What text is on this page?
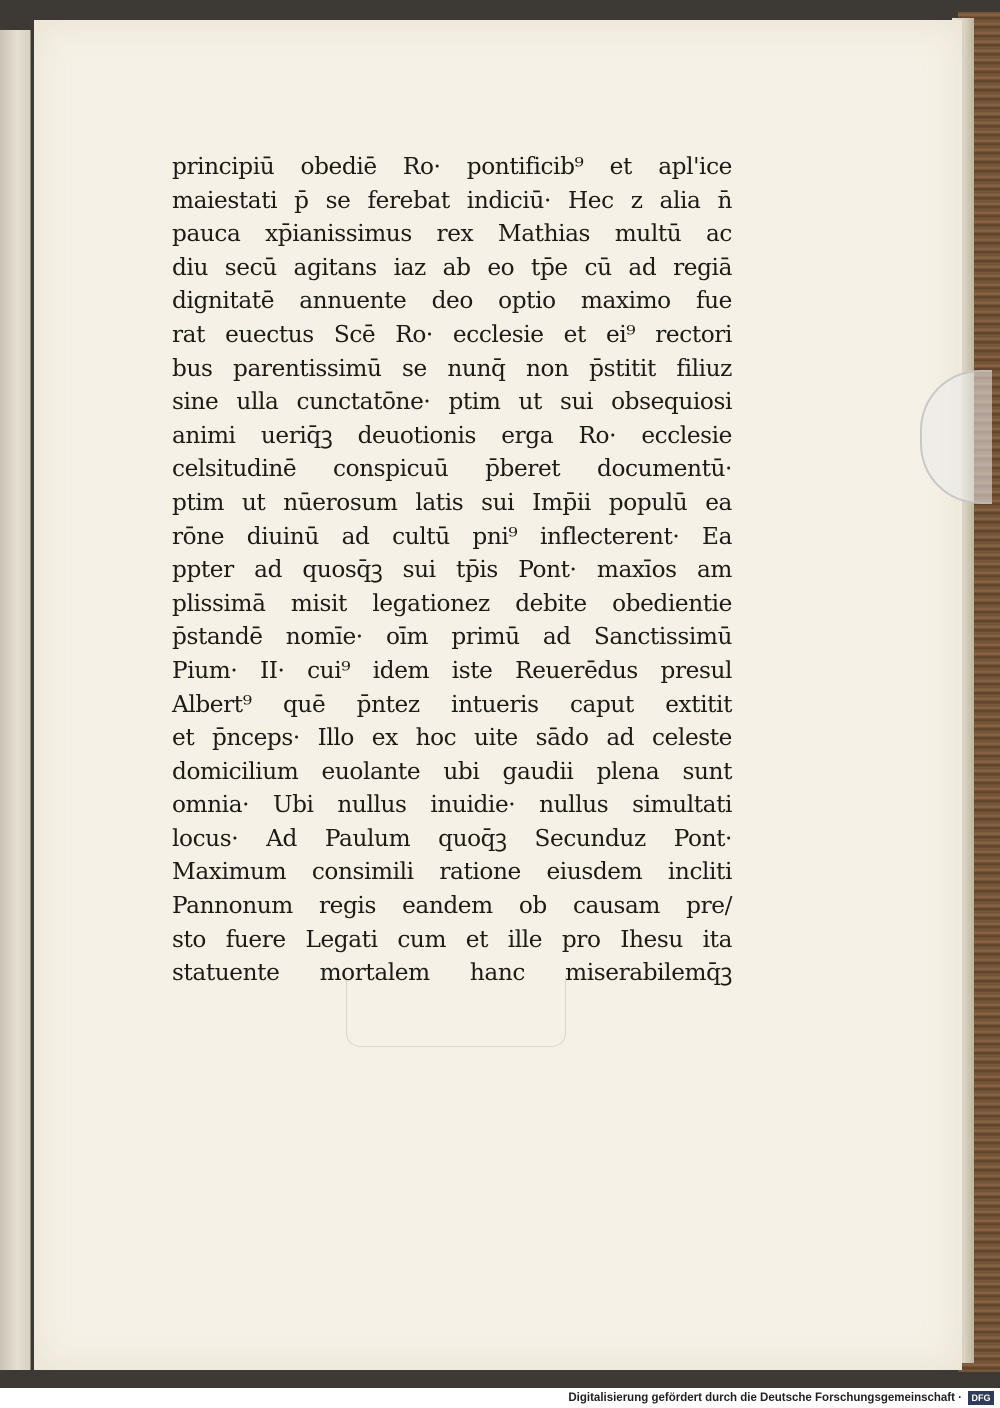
principiū obediē Ro· pontificib⁹ et apl'ice
maiestati p̄ se ferebat indiciū· Hec z alia n̄
pauca xp̄ianissimus rex Mathias multū ac
diu secū agitans iaz ab eo tp̄e cū ad regiā
dignitatē annuente deo optio maximo fue
rat euectus Scē Ro· ecclesie et ei⁹ rectori
bus parentissimū se nunq̄ non p̄stitit filiuz
sine ulla cunctatōne· ptim ut sui obsequiosi
animi ueriq̄ꝫ deuotionis erga Ro· ecclesie
celsitudinē conspicuū p̄beret documentū·
ptim ut nūerosum latis sui Imp̄ii populū ea
rōne diuinū ad cultū pni⁹ inflecterent· Ea
ppter ad quosq̄ꝫ sui tp̄is Pont· maxīos am
plissimā misit legationez debite obedientie
p̄standē nomīe· oīm primū ad Sanctissimū
Pium· II· cui⁹ idem iste Reuerēdus presul
Albert⁹ quē p̄ntez intueris caput extitit
et p̄nceps· Illo ex hoc uite sādo ad celeste
domicilium euolante ubi gaudii plena sunt
omnia· Ubi nullus inuidie· nullus simultati
locus· Ad Paulum quoq̄ꝫ Secunduz Pont·
Maximum consimili ratione eiusdem incliti
Pannonum regis eandem ob causam pre/
sto fuere Legati cum et ille pro Ihesu ita
statuente mortalem hanc miserabilemq̄ꝫ
Digitalisierung gefördert durch die Deutsche Forschungsgemeinschaft ·	DFG
